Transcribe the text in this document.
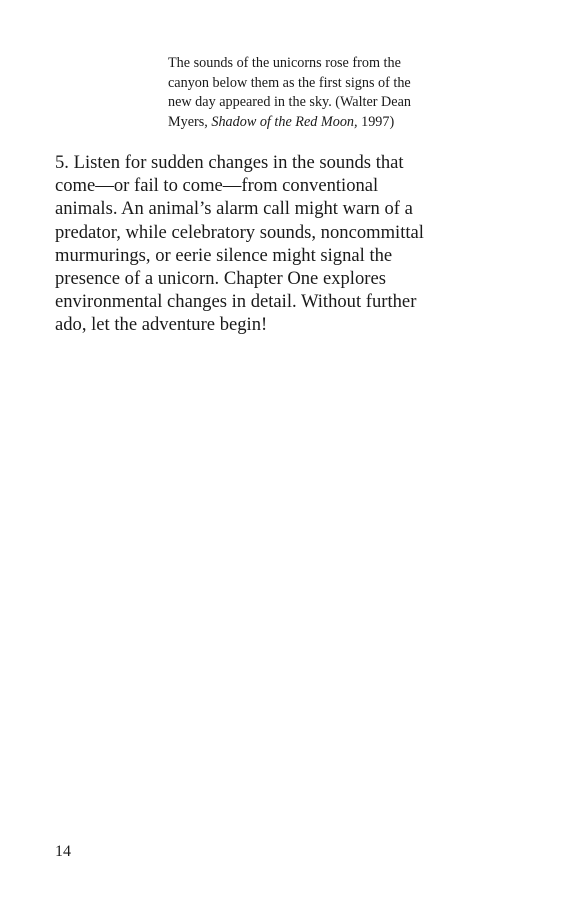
The sounds of the unicorns rose from the
canyon below them as the first signs of the
new day appeared in the sky. (Walter Dean
Myers, Shadow of the Red Moon, 1997)
5. Listen for sudden changes in the sounds that
come—or fail to come—from conventional
animals. An animal’s alarm call might warn of a
predator, while celebratory sounds, noncommittal
murmurings, or eerie silence might signal the
presence of a unicorn. Chapter One explores
environmental changes in detail. Without further
ado, let the adventure begin!
14
